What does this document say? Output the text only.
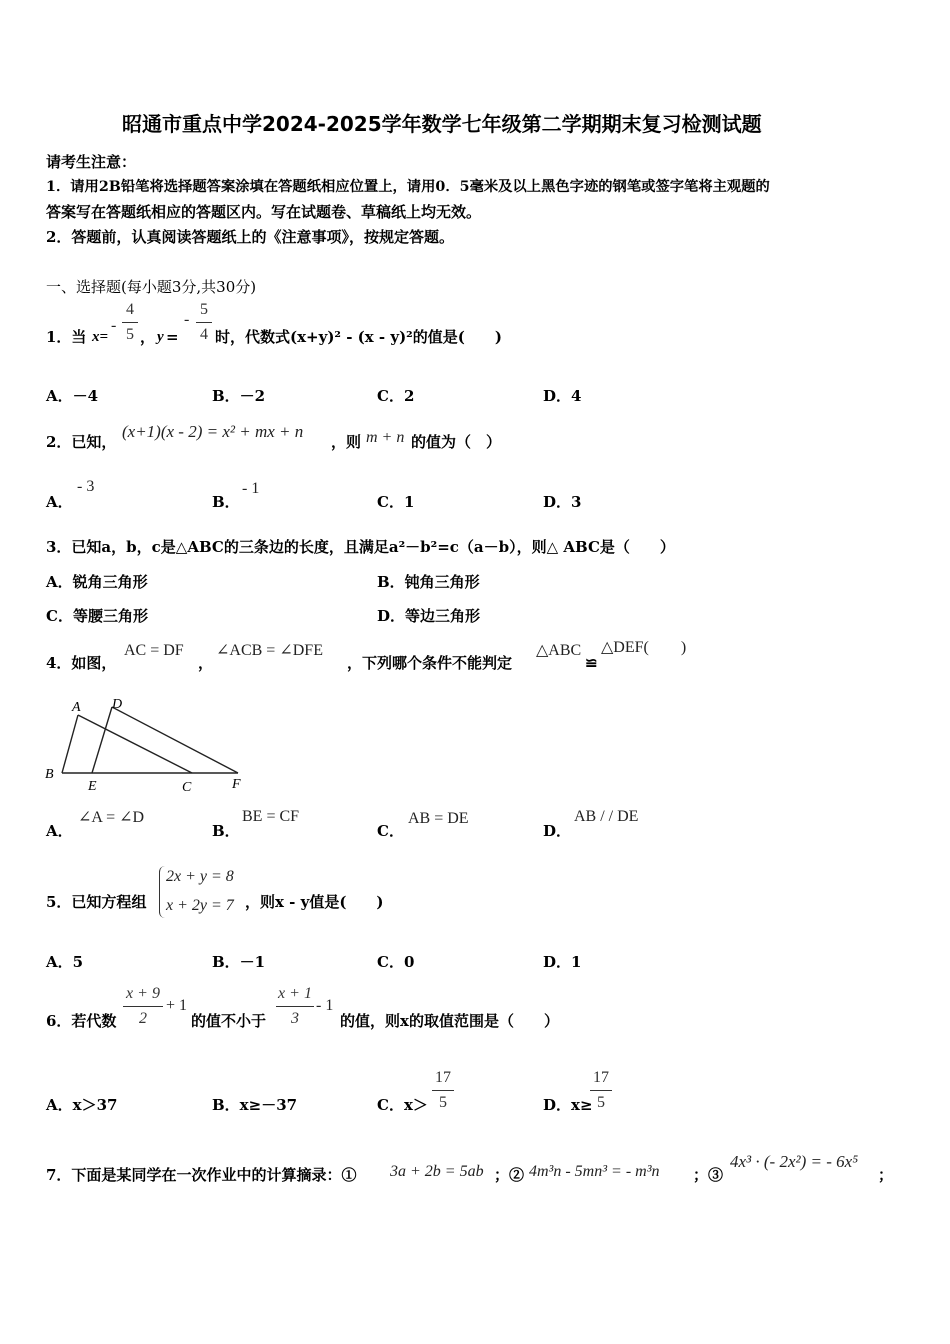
昭通市重点中学2024-2025学年数学七年级第二学期期末复习检测试题
请考生注意：
1．请用2B铅笔将选择题答案涂填在答题纸相应位置上，请用0．5毫米及以上黑色字迹的钢笔或签字笔将主观题的
答案写在答题纸相应的答题区内。写在试题卷、草稿纸上均无效。
2．答题前，认真阅读答题纸上的《注意事项》，按规定答题。
一、选择题(每小题3分,共30分)
1．当 x=
-
4
5 ， y =
-
5
4 时，代数式(x+y)² - (x - y)²的值是(　　)
A．－4	B．－2	C．2	D．4
2．已知，
(x+1)(x - 2) = x² + mx + n
，则 m + n 的值为（　）
A．
- 3
B．
- 1
C．1	D．3
3．已知a，b，c是△ABC的三条边的长度，且满足a²－b²=c（a－b），则△ ABC是（　　）
A．锐角三角形	B．钝角三角形
C．等腰三角形	D．等边三角形
4．如图，
AC = DF
，
∠ACB = ∠DFE
，下列哪个条件不能判定
△ABC
≌
△DEF(　　)
A D
B
E	C	F
A．
∠A = ∠D
B．
BE = CF
C．
AB = DE
D．
AB / / DE
5．已知方程组
2x + y = 8
x + 2y = 7 ，则x - y值是(　　)
A．5	B．－1	C．0	D．1
6．若代数
x + 9
2
+ 1
的值不小于
x + 1
3
- 1
的值，则x的取值范围是（　　）
A．x＞37	B．x≥－37	C．x＞
17
5	D．x≥
17
5
7．下面是某同学在一次作业中的计算摘录：① 3a + 2b = 5ab ；② 4m³n - 5mn³ = - m³n ；③
4x³ · (- 2x²) = - 6x⁵
；
